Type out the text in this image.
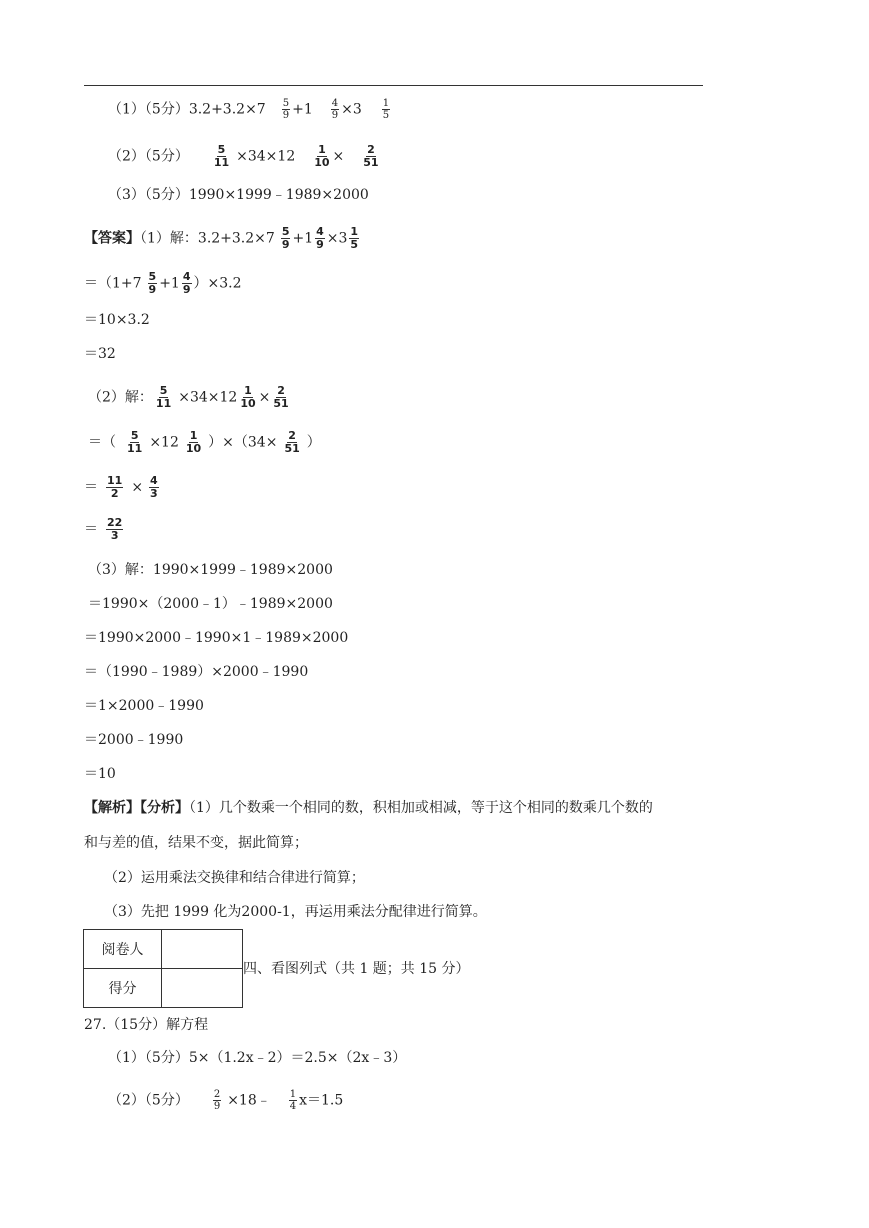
（1）（5分）$3.2+3.2\times 7 \frac{5}{9} +1 \frac{4}{9} \times 3 \frac{1}{5}$
（2）（5分） $\frac{5}{11} \times 34\times 12 \frac{1}{10} \times \frac{2}{51}$
（3）（5分）1990×1999﹣1989×2000
【答案】（1）解：$3.2+3.2\times 7 \frac{5}{9} +1 \frac{4}{9} \times 3 \frac{1}{5}$
$=(1+7 \frac{5}{9} +1 \frac{4}{9} )\times 3.2$
＝10×3.2
＝32
（2）解： $\frac{5}{11} \times 34\times 12 \frac{1}{10} \times \frac{2}{51}$
＝（ $\frac{5}{11} \times 12 \frac{1}{10} )\times(34\times \frac{2}{51}$ ）
＝ $\frac{11}{2} \times \frac{4}{3}$
＝ $\frac{22}{3}$
（3）解：1990×1999﹣1989×2000
＝1990×（2000﹣1）﹣1989×2000
＝1990×2000﹣1990×1﹣1989×2000
＝（1990﹣1989）×2000﹣1990
＝1×2000﹣1990
＝2000﹣1990
＝10
【解析】【分析】（1）几个数乘一个相同的数，积相加或相减，等于这个相同的数乘几个数的
和与差的值，结果不变，据此简算；
（2）运用乘法交换律和结合律进行简算；
（3）先把 1999 化为2000-1，再运用乘法分配律进行简算。
阅卷人	
得分	
四、看图列式（共 1 题；共 15 分）
27.（15分）解方程
（1）（5分）5×（1.2x﹣2）＝2.5×（2x﹣3）
（2）（5分） $\frac{2}{9}$ ×18﹣ $\frac{1}{4} x=1.5$
